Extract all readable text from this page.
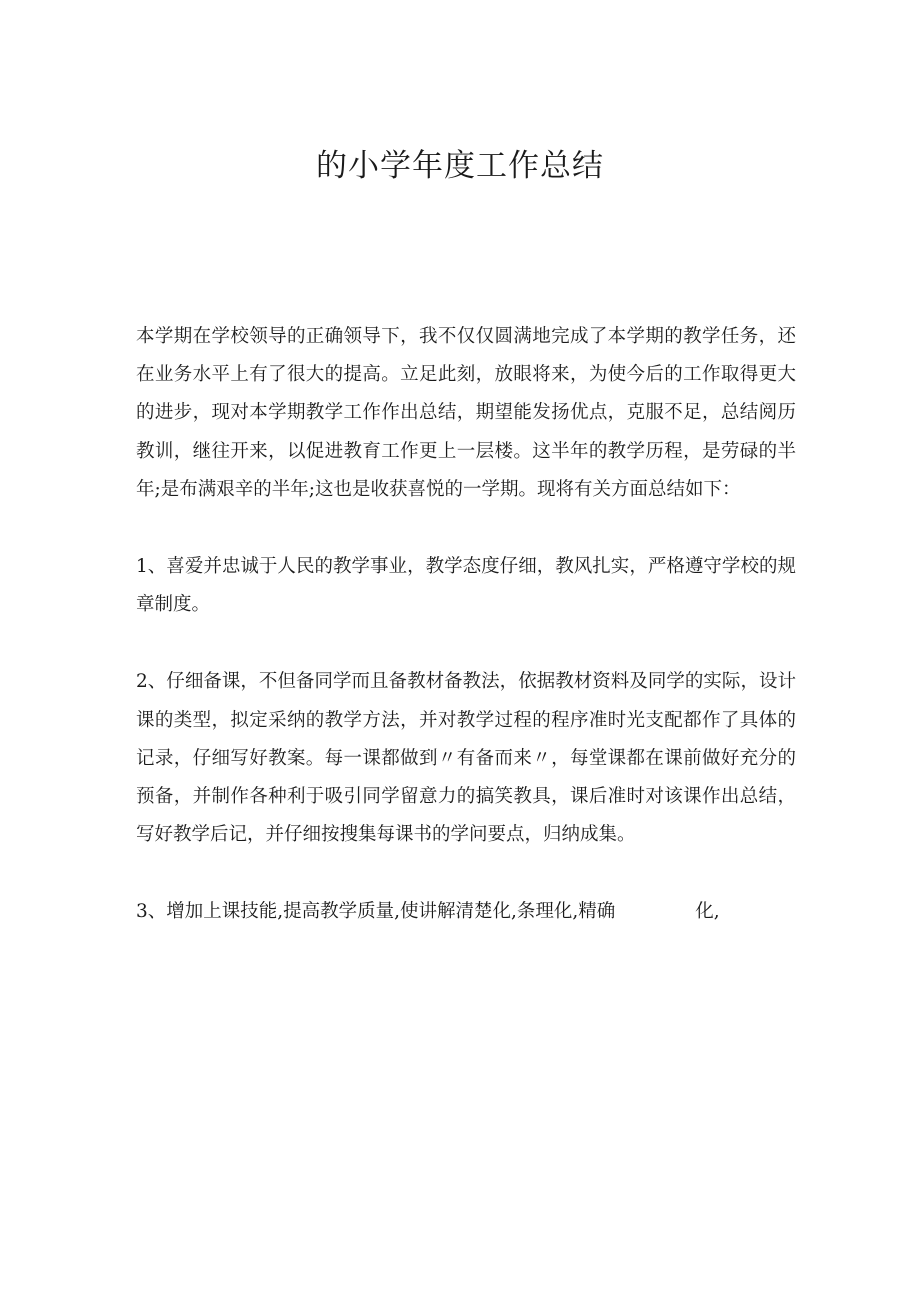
的小学年度工作总结

本学期在学校领导的正确领导下，我不仅仅圆满地完成了本学期的教学任务，还在业务水平上有了很大的提高。立足此刻，放眼将来，为使今后的工作取得更大的进步，现对本学期教学工作作出总结，期望能发扬优点，克服不足，总结阅历教训，继往开来，以促进教育工作更上一层楼。这半年的教学历程，是劳碌的半年;是布满艰辛的半年;这也是收获喜悦的一学期。现将有关方面总结如下：

1、喜爱并忠诚于人民的教学事业，教学态度仔细，教风扎实，严格遵守学校的规章制度。

2、仔细备课，不但备同学而且备教材备教法，依据教材资料及同学的实际，设计课的类型，拟定采纳的教学方法，并对教学过程的程序准时光支配都作了具体的记录，仔细写好教案。每一课都做到〃有备而来〃，每堂课都在课前做好充分的预备，并制作各种利于吸引同学留意力的搞笑教具，课后准时对该课作出总结，写好教学后记，并仔细按搜集每课书的学问要点，归纳成集。

3、增加上课技能,提高教学质量,使讲解清楚化,条理化,精确	化,
